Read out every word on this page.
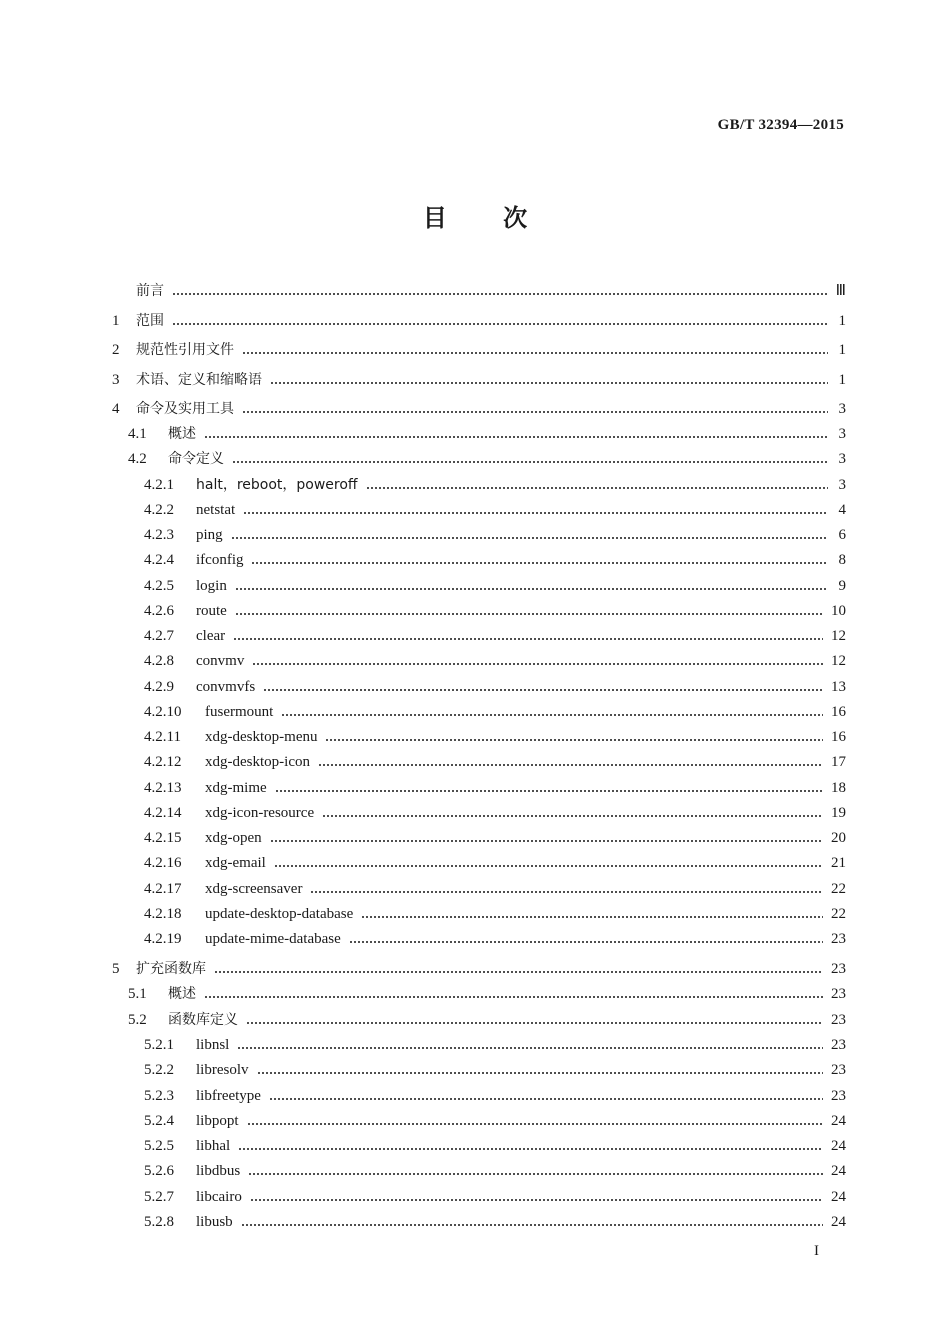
GB/T 32394—2015
目 次
前言	Ⅲ
1	范围	1
2	规范性引用文件	1
3	术语、定义和缩略语	1
4	命令及实用工具	3
4.1	概述	3
4.2	命令定义	3
4.2.1	halt，reboot，poweroff	3
4.2.2	netstat	4
4.2.3	ping	6
4.2.4	ifconfig	8
4.2.5	login	9
4.2.6	route	10
4.2.7	clear	12
4.2.8	convmv	12
4.2.9	convmvfs	13
4.2.10	fusermount	16
4.2.11	xdg-desktop-menu	16
4.2.12	xdg-desktop-icon	17
4.2.13	xdg-mime	18
4.2.14	xdg-icon-resource	19
4.2.15	xdg-open	20
4.2.16	xdg-email	21
4.2.17	xdg-screensaver	22
4.2.18	update-desktop-database	22
4.2.19	update-mime-database	23
5	扩充函数库	23
5.1	概述	23
5.2	函数库定义	23
5.2.1	libnsl	23
5.2.2	libresolv	23
5.2.3	libfreetype	23
5.2.4	libpopt	24
5.2.5	libhal	24
5.2.6	libdbus	24
5.2.7	libcairo	24
5.2.8	libusb	24
I
